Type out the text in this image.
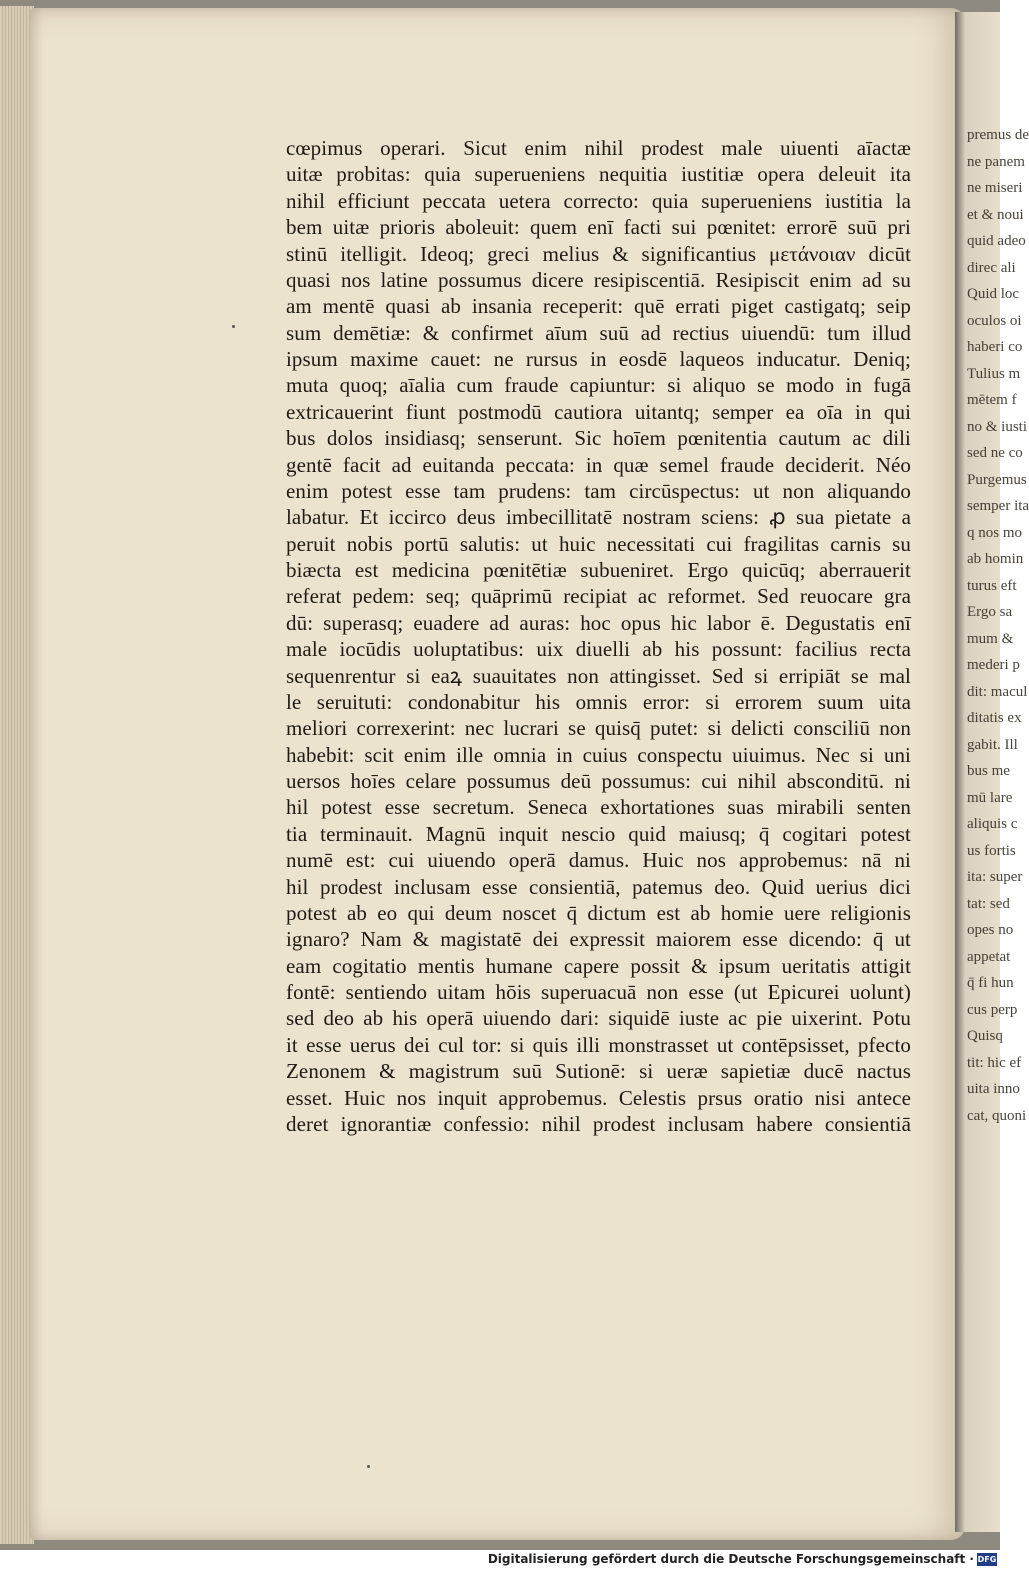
premus de
ne panem
ne miseri
et & noui
quid adeo
direc ali
Quid loc
oculos oi
haberi co
Tulius m
mētem f
no & iusti
sed ne co
Purgemus
semper ita
q nos mo
ab homin
turus eft
Ergo sa
mum &
mederi p
dit: macul
ditatis ex
gabit. Ill
bus me
mū lare
aliquis c
us fortis
ita: super
tat: sed
opes no
appetat
q̄ fi hun
cus perp
Quisq
tit: hic ef
uita inno
cat, quoni
cœpimus operari. Sicut enim nihil prodest male uiuenti aīactæ
uitæ probitas: quia superueniens nequitia iustitiæ opera deleuit ita
nihil efficiunt peccata uetera correcto: quia superueniens iustitia la
bem uitæ prioris aboleuit: quem enī facti sui pœnitet: errorē suū pri
stinū itelligit. Ideoq; greci melius & significantius μετάνοιαν dicūt
quasi nos latine possumus dicere resipiscentiā. Resipiscit enim ad su
am mentē quasi ab insania receperit: quē errati piget castigatq; seip
sum demētiæ: & confirmet aīum suū ad rectius uiuendū: tum illud
ipsum maxime cauet: ne rursus in eosdē laqueos inducatur. Deniq;
muta quoq; aīalia cum fraude capiuntur: si aliquo se modo in fugā
extricauerint fiunt postmodū cautiora uitantq; semper ea oīa in qui
bus dolos insidiasq; senserunt. Sic hoīem pœnitentia cautum ac dili
gentē facit ad euitanda peccata: in quæ semel fraude deciderit. Néo
enim potest esse tam prudens: tam circūspectus: ut non aliquando
labatur. Et iccirco deus imbecillitatē nostram sciens: ꝓ sua pietate a
peruit nobis portū salutis: ut huic necessitati cui fragilitas carnis su
biæcta est medicina pœnitētiæ subueniret. Ergo quicūq; aberrauerit
referat pedem: seq; quāprimū recipiat ac reformet. Sed reuocare gra
dū: superasq; euadere ad auras: hoc opus hic labor ē. Degustatis enī
male iocūdis uoluptatibus: uix diuelli ab his possunt: facilius recta
sequenrentur si eaꝝ suauitates non attingisset. Sed si erripiāt se mal
le seruituti: condonabitur his omnis error: si errorem suum uita
meliori correxerint: nec lucrari se quisq̄ putet: si delicti consciliū non
habebit: scit enim ille omnia in cuius conspectu uiuimus. Nec si uni
uersos hoīes celare possumus deū possumus: cui nihil absconditū. ni
hil potest esse secretum. Seneca exhortationes suas mirabili senten
tia terminauit. Magnū inquit nescio quid maiusq; q̄ cogitari potest
numē est: cui uiuendo operā damus. Huic nos approbemus: nā ni
hil prodest inclusam esse consientiā, patemus deo. Quid uerius dici
potest ab eo qui deum noscet q̄ dictum est ab homie uere religionis
ignaro? Nam & magistatē dei expressit maiorem esse dicendo: q̄ ut
eam cogitatio mentis humane capere possit & ipsum ueritatis attigit
fontē: sentiendo uitam hōis superuacuā non esse (ut Epicurei uolunt)
sed deo ab his operā uiuendo dari: siquidē iuste ac pie uixerint. Potu
it esse uerus dei cul tor: si quis illi monstrasset ut contēpsisset, pfecto
Zenonem & magistrum suū Sutionē: si ueræ sapietiæ ducē nactus
esset. Huic nos inquit approbemus. Celestis prsus oratio nisi antece
deret ignorantiæ confessio: nihil prodest inclusam habere consientiā
Digitalisierung gefördert durch die Deutsche Forschungsgemeinschaft · DFG
